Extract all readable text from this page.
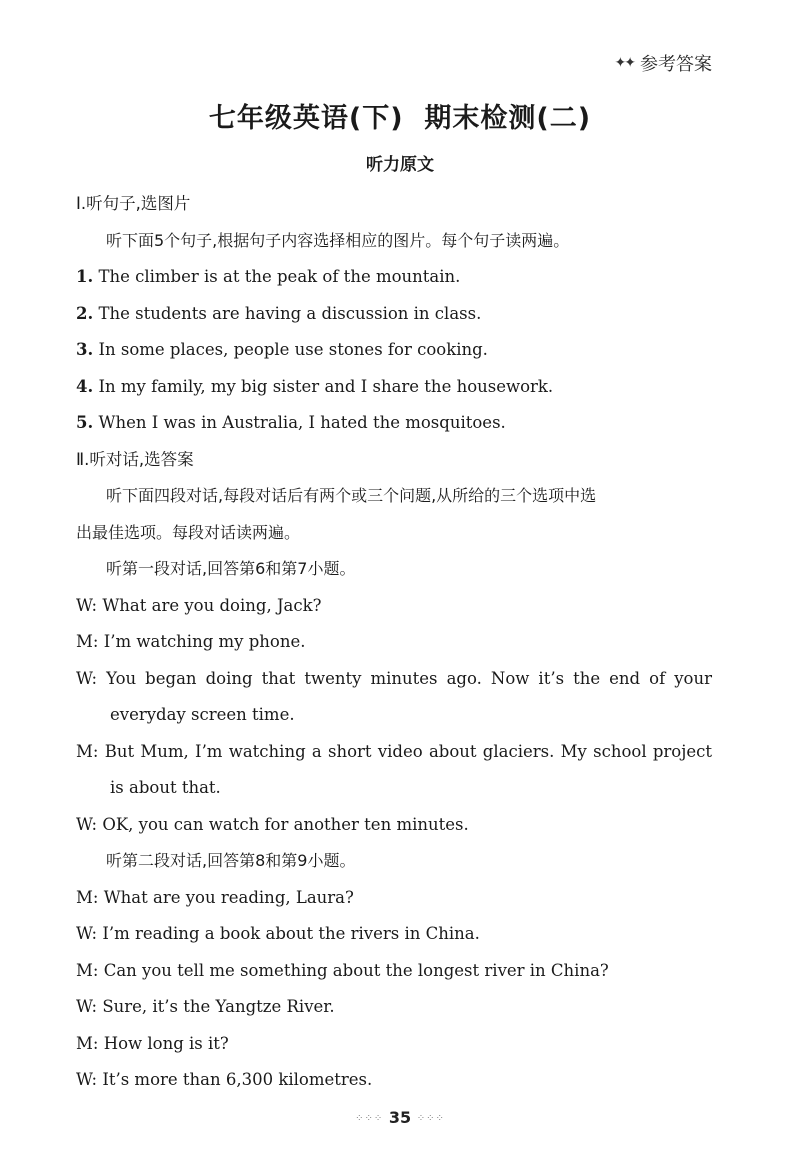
✦✦ 参考答案
七年级英语(下)  期末检测(二)
听力原文
Ⅰ.听句子,选图片
听下面5个句子,根据句子内容选择相应的图片。每个句子读两遍。
1. The climber is at the peak of the mountain.
2. The students are having a discussion in class.
3. In some places, people use stones for cooking.
4. In my family, my big sister and I share the housework.
5. When I was in Australia, I hated the mosquitoes.
Ⅱ.听对话,选答案
听下面四段对话,每段对话后有两个或三个问题,从所给的三个选项中选
出最佳选项。每段对话读两遍。
听第一段对话,回答第6和第7小题。
W: What are you doing, Jack?
M: I’m watching my phone.
W: You began doing that twenty minutes ago. Now it’s the end of your
everyday screen time.
M: But Mum, I’m watching a short video about glaciers. My school project
is about that.
W: OK, you can watch for another ten minutes.
听第二段对话,回答第8和第9小题。
M: What are you reading, Laura?
W: I’m reading a book about the rivers in China.
M: Can you tell me something about the longest river in China?
W: Sure, it’s the Yangtze River.
M: How long is it?
W: It’s more than 6,300 kilometres.
⁘⁘⁘ 35 ⁘⁘⁘
